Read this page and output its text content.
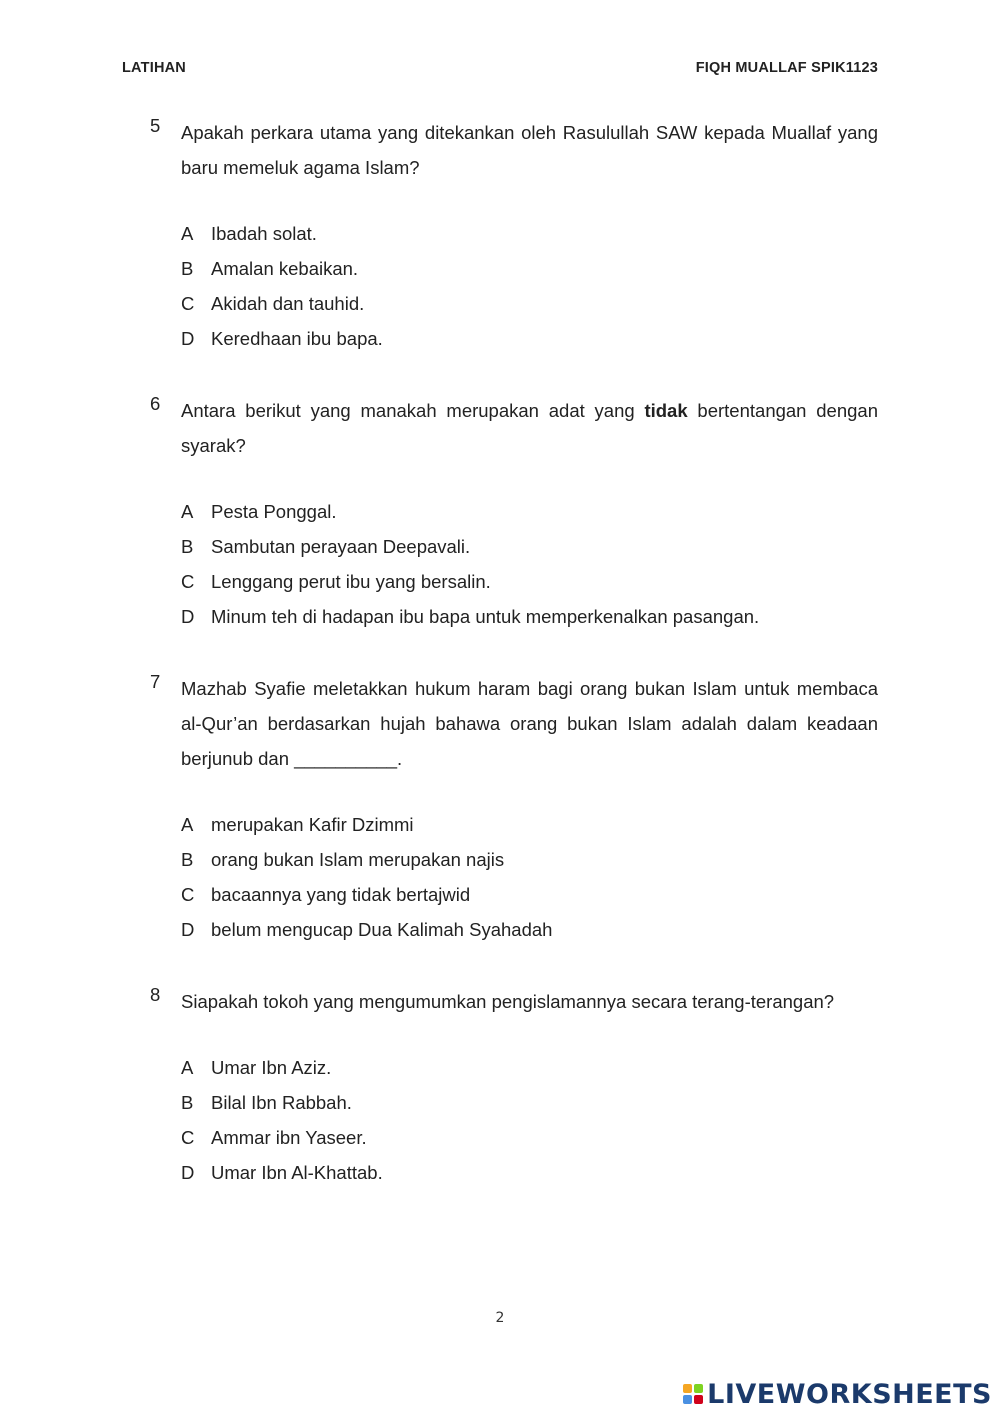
LATIHAN	FIQH MUALLAF SPIK1123
5 Apakah perkara utama yang ditekankan oleh Rasulullah SAW kepada Muallaf yang baru memeluk agama Islam?
A Ibadah solat.
B Amalan kebaikan.
C Akidah dan tauhid.
D Keredhaan ibu bapa.
6 Antara berikut yang manakah merupakan adat yang tidak bertentangan dengan syarak?
A Pesta Ponggal.
B Sambutan perayaan Deepavali.
C Lenggang perut ibu yang bersalin.
D Minum teh di hadapan ibu bapa untuk memperkenalkan pasangan.
7 Mazhab Syafie meletakkan hukum haram bagi orang bukan Islam untuk membaca al-Qur’an berdasarkan hujah bahawa orang bukan Islam adalah dalam keadaan berjunub dan __________.
A merupakan Kafir Dzimmi
B orang bukan Islam merupakan najis
C bacaannya yang tidak bertajwid
D belum mengucap Dua Kalimah Syahadah
8 Siapakah tokoh yang mengumumkan pengislamannya secara terang-terangan?
A Umar Ibn Aziz.
B Bilal Ibn Rabbah.
C Ammar ibn Yaseer.
D Umar Ibn Al-Khattab.
2
LIVEWORKSHEETS
